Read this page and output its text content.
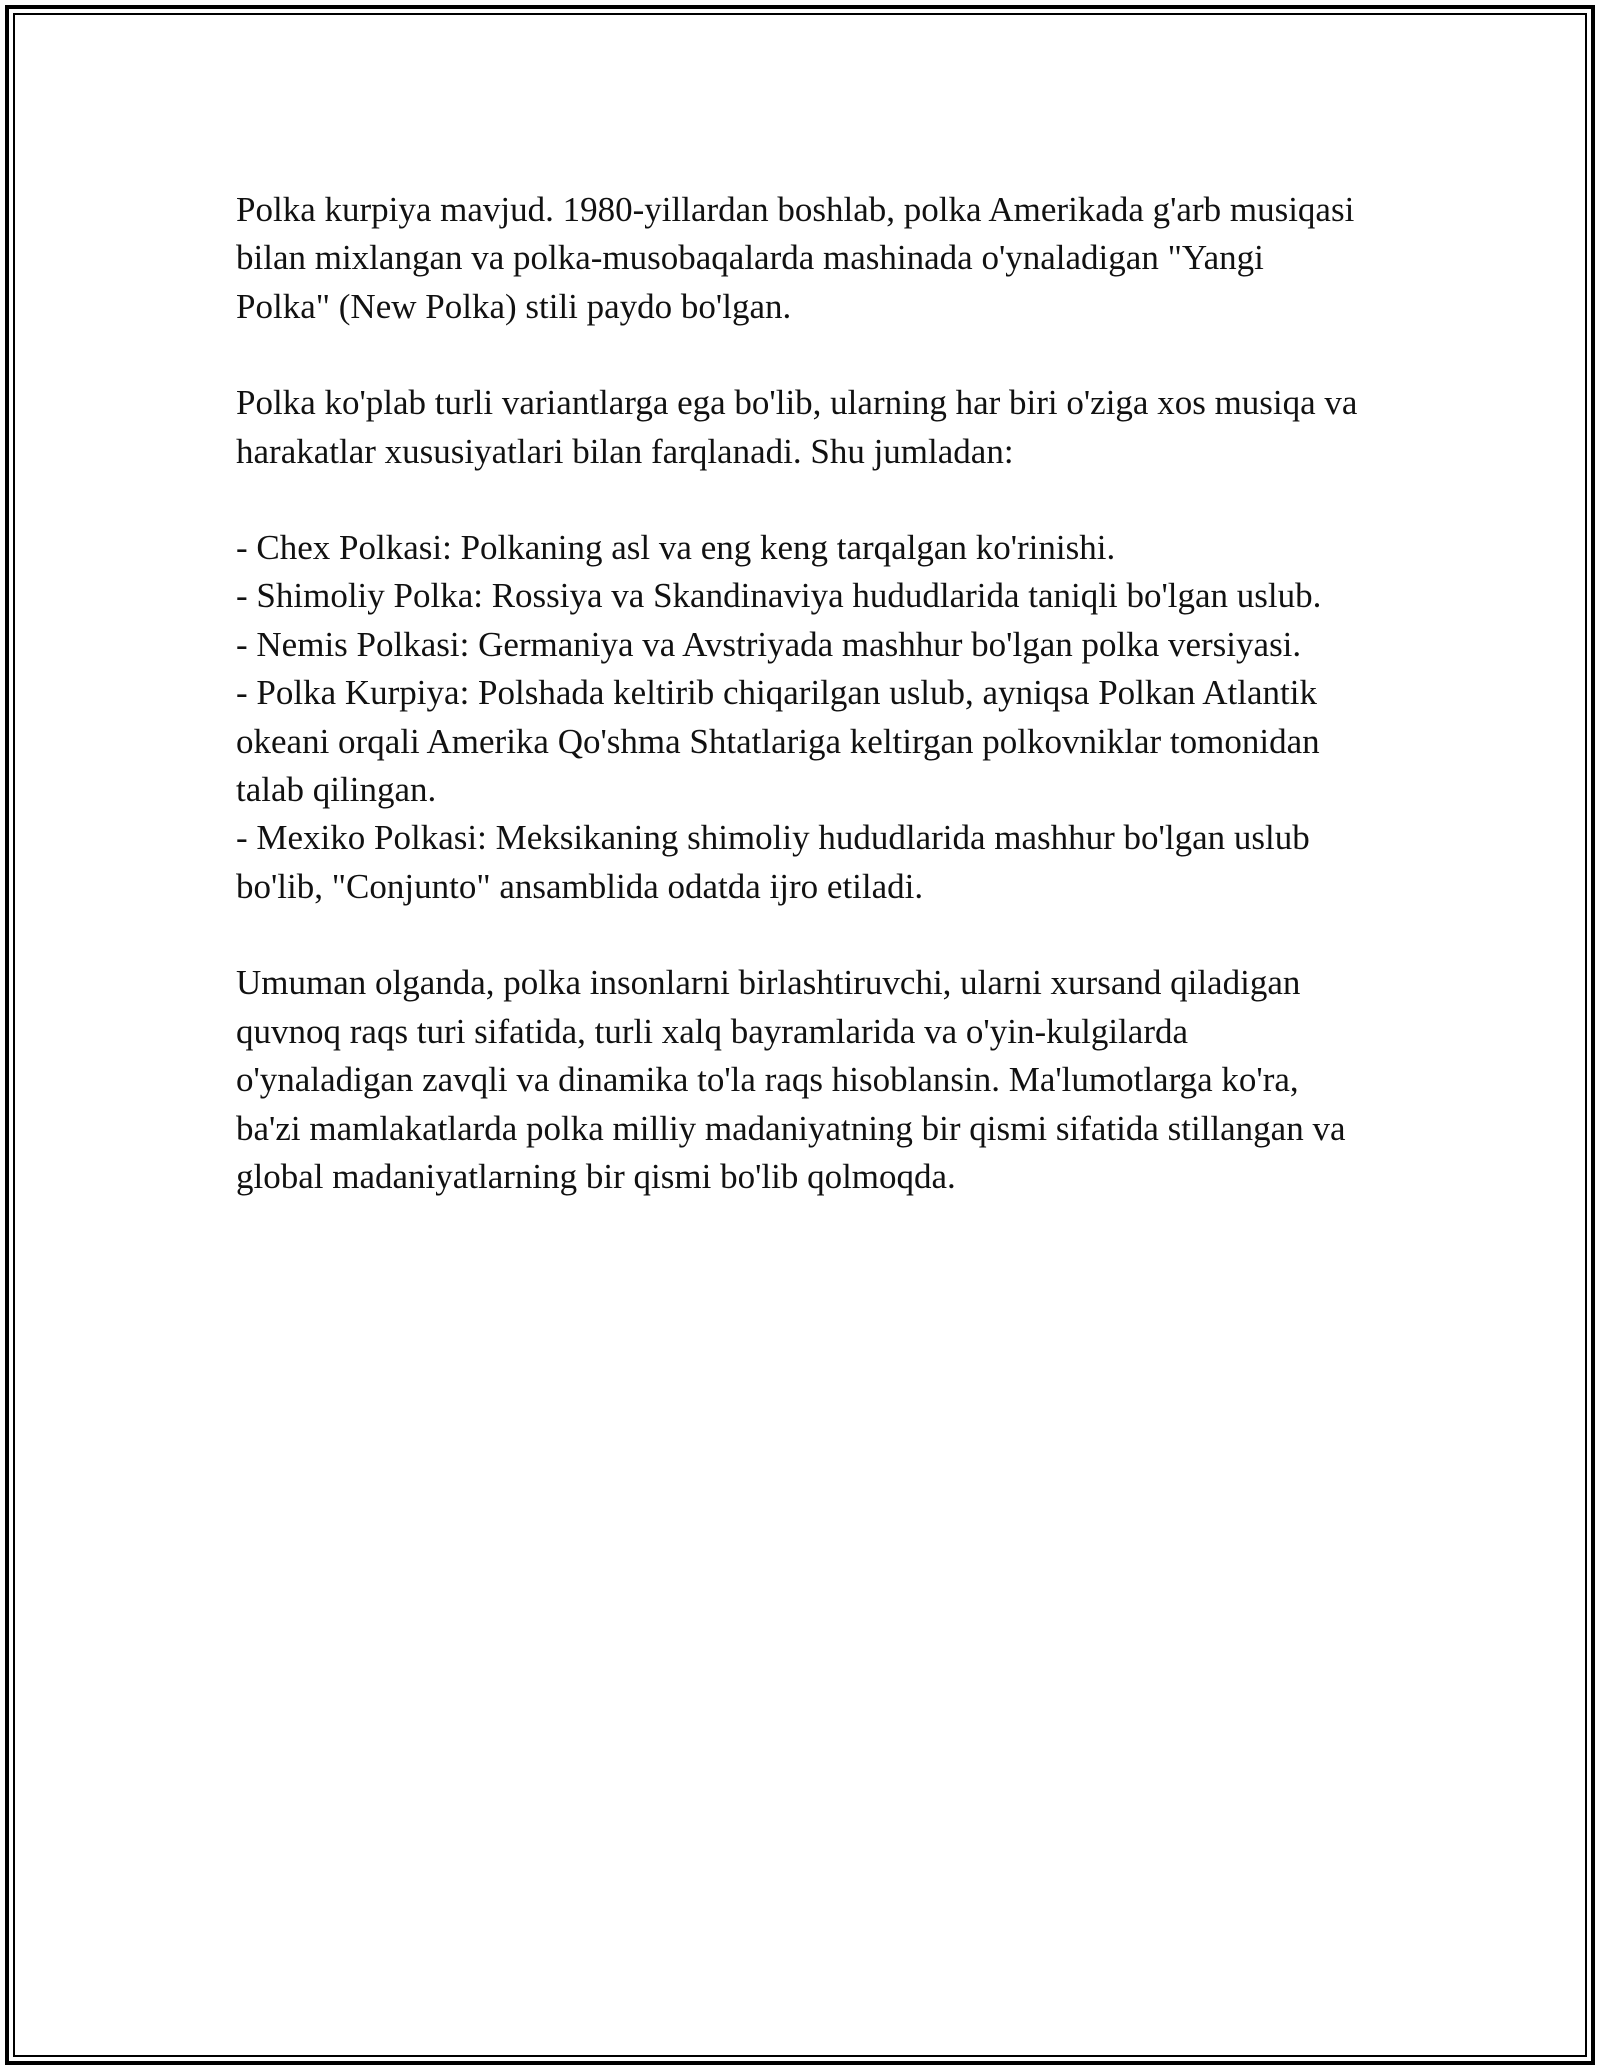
Polka kurpiya mavjud. 1980-yillardan boshlab, polka Amerikada g'arb musiqasi bilan mixlangan va polka-musobaqalarda mashinada o'ynaladigan "Yangi Polka" (New Polka) stili paydo bo'lgan.

Polka ko'plab turli variantlarga ega bo'lib, ularning har biri o'ziga xos musiqa va harakatlar xususiyatlari bilan farqlanadi. Shu jumladan:

- Chex Polkasi: Polkaning asl va eng keng tarqalgan ko'rinishi.
- Shimoliy Polka: Rossiya va Skandinaviya hududlarida taniqli bo'lgan uslub.
- Nemis Polkasi: Germaniya va Avstriyada mashhur bo'lgan polka versiyasi.
- Polka Kurpiya: Polshada keltirib chiqarilgan uslub, ayniqsa Polkan Atlantik okeani orqali Amerika Qo'shma Shtatlariga keltirgan polkovniklar tomonidan talab qilingan.
- Mexiko Polkasi: Meksikaning shimoliy hududlarida mashhur bo'lgan uslub bo'lib, "Conjunto" ansamblida odatda ijro etiladi.

Umuman olganda, polka insonlarni birlashtiruvchi, ularni xursand qiladigan quvnoq raqs turi sifatida, turli xalq bayramlarida va o'yin-kulgilarda o'ynaladigan zavqli va dinamika to'la raqs hisoblansin. Ma'lumotlarga ko'ra, ba'zi mamlakatlarda polka milliy madaniyatning bir qismi sifatida stillangan va global madaniyatlarning bir qismi bo'lib qolmoqda.
